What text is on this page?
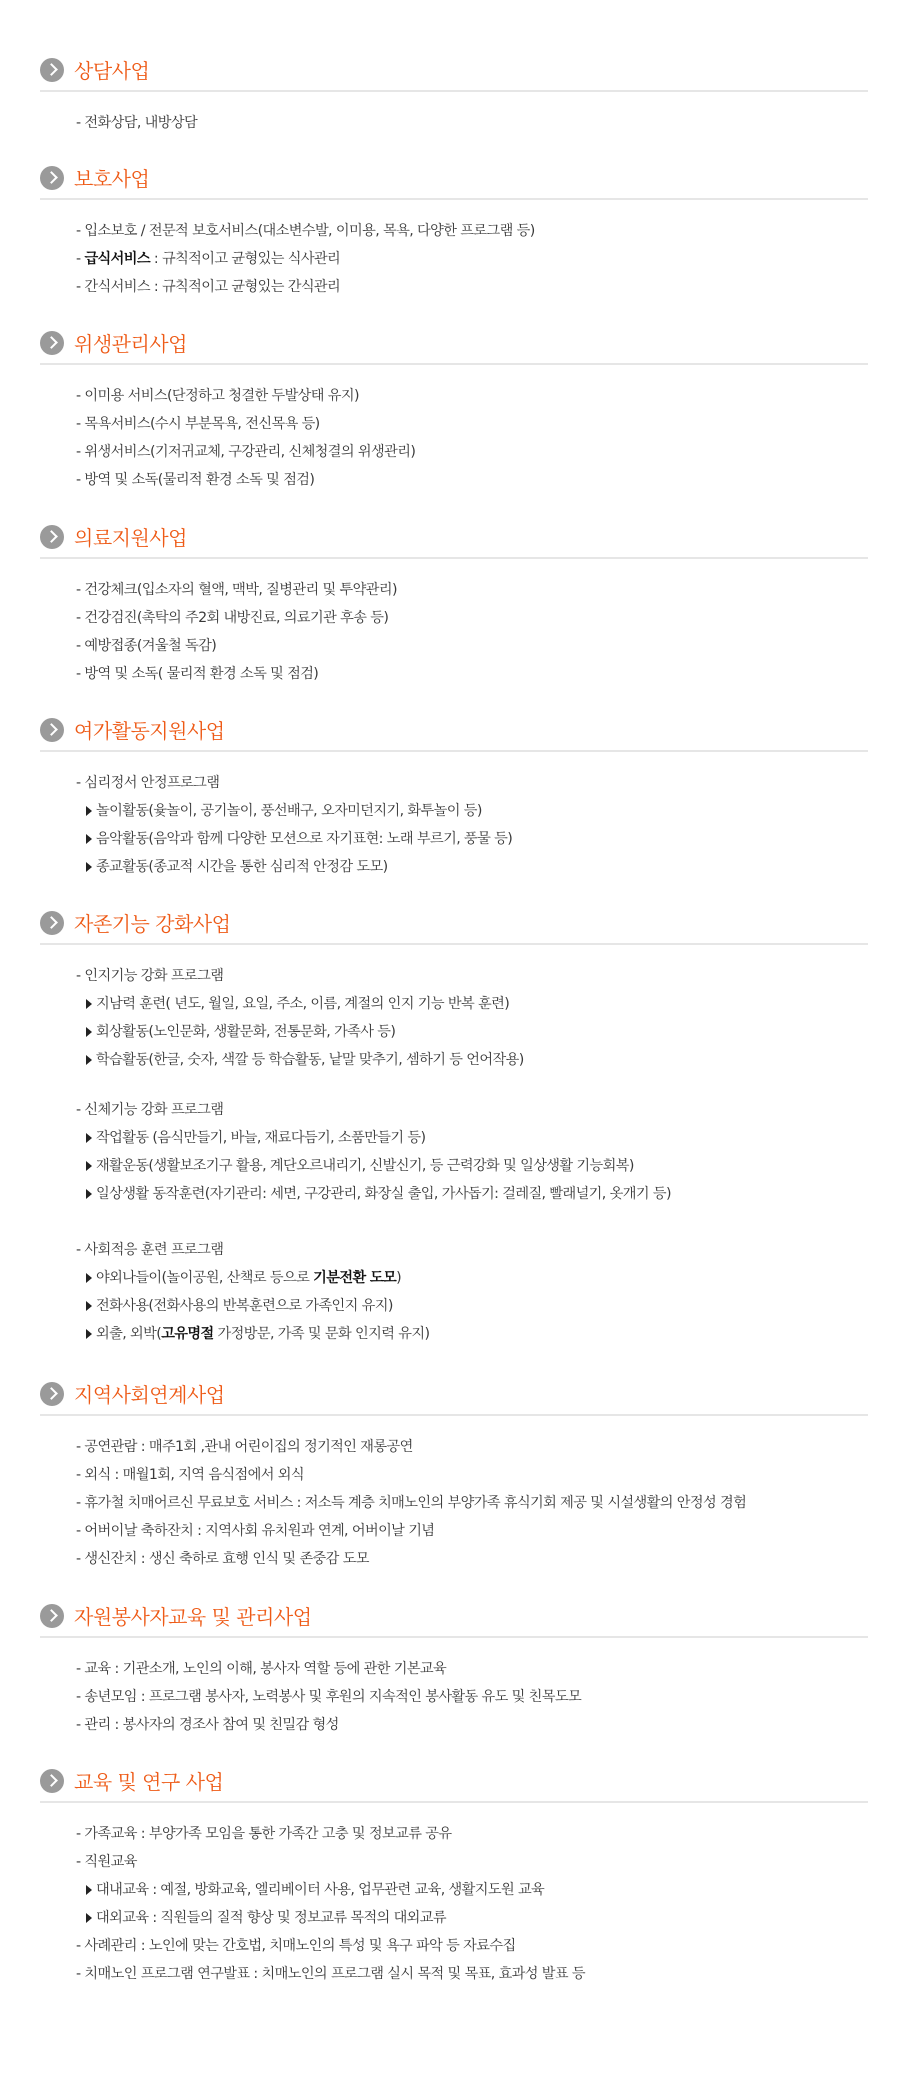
상담사업
- 전화상담, 내방상담
보호사업
- 입소보호 / 전문적 보호서비스(대소변수발, 이미용, 목욕, 다양한 프로그램 등)
- 급식서비스 : 규칙적이고 균형있는 식사관리
- 간식서비스 : 규칙적이고 균형있는 간식관리
위생관리사업
- 이미용 서비스(단정하고 청결한 두발상태 유지)
- 목욕서비스(수시 부분목욕, 전신목욕 등)
- 위생서비스(기저귀교체, 구강관리, 신체청결의 위생관리)
- 방역 및 소독(물리적 환경 소독 및 점검)
의료지원사업
- 건강체크(입소자의 혈액, 맥박, 질병관리 및 투약관리)
- 건강검진(촉탁의 주2회 내방진료, 의료기관 후송 등)
- 예방접종(겨울철 독감)
- 방역 및 소독( 물리적 환경 소독 및 점검)
여가활동지원사업
- 심리정서 안정프로그램
놀이활동(윷놀이, 공기놀이, 풍선배구, 오자미던지기, 화투놀이 등)
음악활동(음악과 함께 다양한 모션으로 자기표현: 노래 부르기, 풍물 등)
종교활동(종교적 시간을 통한 심리적 안정감 도모)
자존기능 강화사업
- 인지기능 강화 프로그램
지남력 훈련( 년도, 월일, 요일, 주소, 이름, 계절의 인지 기능 반복 훈련)
회상활동(노인문화, 생활문화, 전통문화, 가족사 등)
학습활동(한글, 숫자, 색깔 등 학습활동, 낱말 맞추기, 셈하기 등 언어작용)
- 신체기능 강화 프로그램
작업활동 (음식만들기, 바늘, 재료다듬기, 소품만들기 등)
재활운동(생활보조기구 활용, 계단오르내리기, 신발신기, 등 근력강화 및 일상생활 기능회복)
일상생활 동작훈련(자기관리: 세면, 구강관리, 화장실 출입, 가사돕기: 걸레질, 빨래널기, 옷개기 등)
- 사회적응 훈련 프로그램
야외나들이(놀이공원, 산책로 등으로 기분전환 도모)
전화사용(전화사용의 반복훈련으로 가족인지 유지)
외출, 외박(고유명절 가정방문, 가족 및 문화 인지력 유지)
지역사회연계사업
- 공연관람 : 매주1회 ,관내 어린이집의 정기적인 재롱공연
- 외식 : 매월1회, 지역 음식점에서 외식
- 휴가철 치매어르신 무료보호 서비스 : 저소득 계층 치매노인의 부양가족 휴식기회 제공 및 시설생활의 안정성 경험
- 어버이날 축하잔치 : 지역사회 유치원과 연계, 어버이날 기념
- 생신잔치 : 생신 축하로 효행 인식 및 존중감 도모
자원봉사자교육 및 관리사업
- 교육 : 기관소개, 노인의 이해, 봉사자 역할 등에 관한 기본교육
- 송년모임 : 프로그램 봉사자, 노력봉사 및 후원의 지속적인 봉사활동 유도 및 친목도모
- 관리 : 봉사자의 경조사 참여 및 친밀감 형성
교육 및 연구 사업
- 가족교육 : 부양가족 모임을 통한 가족간 고충 및 정보교류 공유
- 직원교육
대내교육 : 예절, 방화교육, 엘리베이터 사용, 업무관련 교육, 생활지도원 교육
대외교육 : 직원들의 질적 향상 및 정보교류 목적의 대외교류
- 사례관리 : 노인에 맞는 간호법, 치매노인의 특성 및 욕구 파악 등 자료수집
- 치매노인 프로그램 연구발표 : 치매노인의 프로그램 실시 목적 및 목표, 효과성 발표 등
